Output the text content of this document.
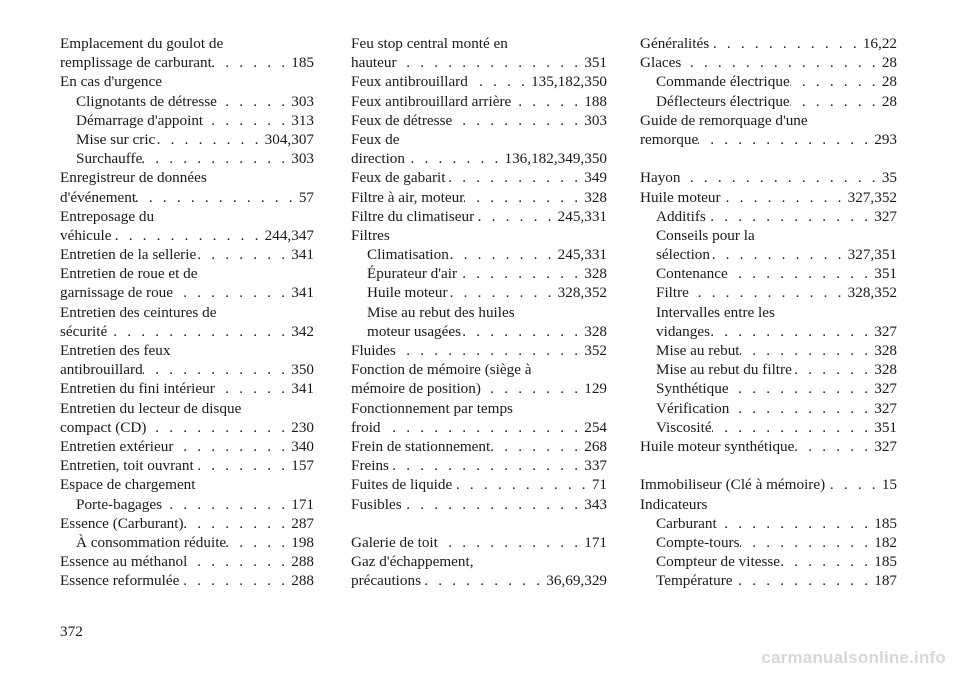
Emplacement du goulot de
remplissage de carburant . . .	185
En cas d'urgence
Clignotants de détresse . . .	303
Démarrage d'appoint . . .	313
Mise sur cric . . .	304,307
Surchauffe . . .	303
Enregistreur de données
d'événement . . .	57
Entreposage du
véhicule . . .	244,347
Entretien de la sellerie . . .	341
Entretien de roue et de
garnissage de roue . . .	341
Entretien des ceintures de
sécurité . . .	342
Entretien des feux
antibrouillard . . .	350
Entretien du fini intérieur . . .	341
Entretien du lecteur de disque
compact (CD) . . .	230
Entretien extérieur . . .	340
Entretien, toit ouvrant . . .	157
Espace de chargement
Porte-bagages . . .	171
Essence (Carburant) . . .	287
À consommation réduite . . .	198
Essence au méthanol . . .	288
Essence reformulée . . .	288
Feu stop central monté en
hauteur . . .	351
Feux antibrouillard . . .	135,182,350
Feux antibrouillard arrière . . .	188
Feux de détresse . . .	303
Feux de
direction . . .	136,182,349,350
Feux de gabarit . . .	349
Filtre à air, moteur . . .	328
Filtre du climatiseur . . .	245,331
Filtres
Climatisation . . .	245,331
Épurateur d'air . . .	328
Huile moteur . . .	328,352
Mise au rebut des huiles
moteur usagées . . .	328
Fluides . . .	352
Fonction de mémoire (siège à
mémoire de position) . . .	129
Fonctionnement par temps
froid . . .	254
Frein de stationnement . . .	268
Freins . . .	337
Fuites de liquide . . .	71
Fusibles . . .	343
Galerie de toit . . .	171
Gaz d'échappement,
précautions . . .	36,69,329
Généralités . . .	16,22
Glaces . . .	28
Commande électrique . . .	28
Déflecteurs électrique . . .	28
Guide de remorquage d'une
remorque . . .	293
Hayon . . .	35
Huile moteur . . .	327,352
Additifs . . .	327
Conseils pour la
sélection . . .	327,351
Contenance . . .	351
Filtre . . .	328,352
Intervalles entre les
vidanges . . .	327
Mise au rebut . . .	328
Mise au rebut du filtre . . .	328
Synthétique . . .	327
Vérification . . .	327
Viscosité . . .	351
Huile moteur synthétique . . .	327
Immobiliseur (Clé à mémoire) . . .	15
Indicateurs
Carburant . . .	185
Compte-tours . . .	182
Compteur de vitesse . . .	185
Température . . .	187
372
carmanualsonline.info
